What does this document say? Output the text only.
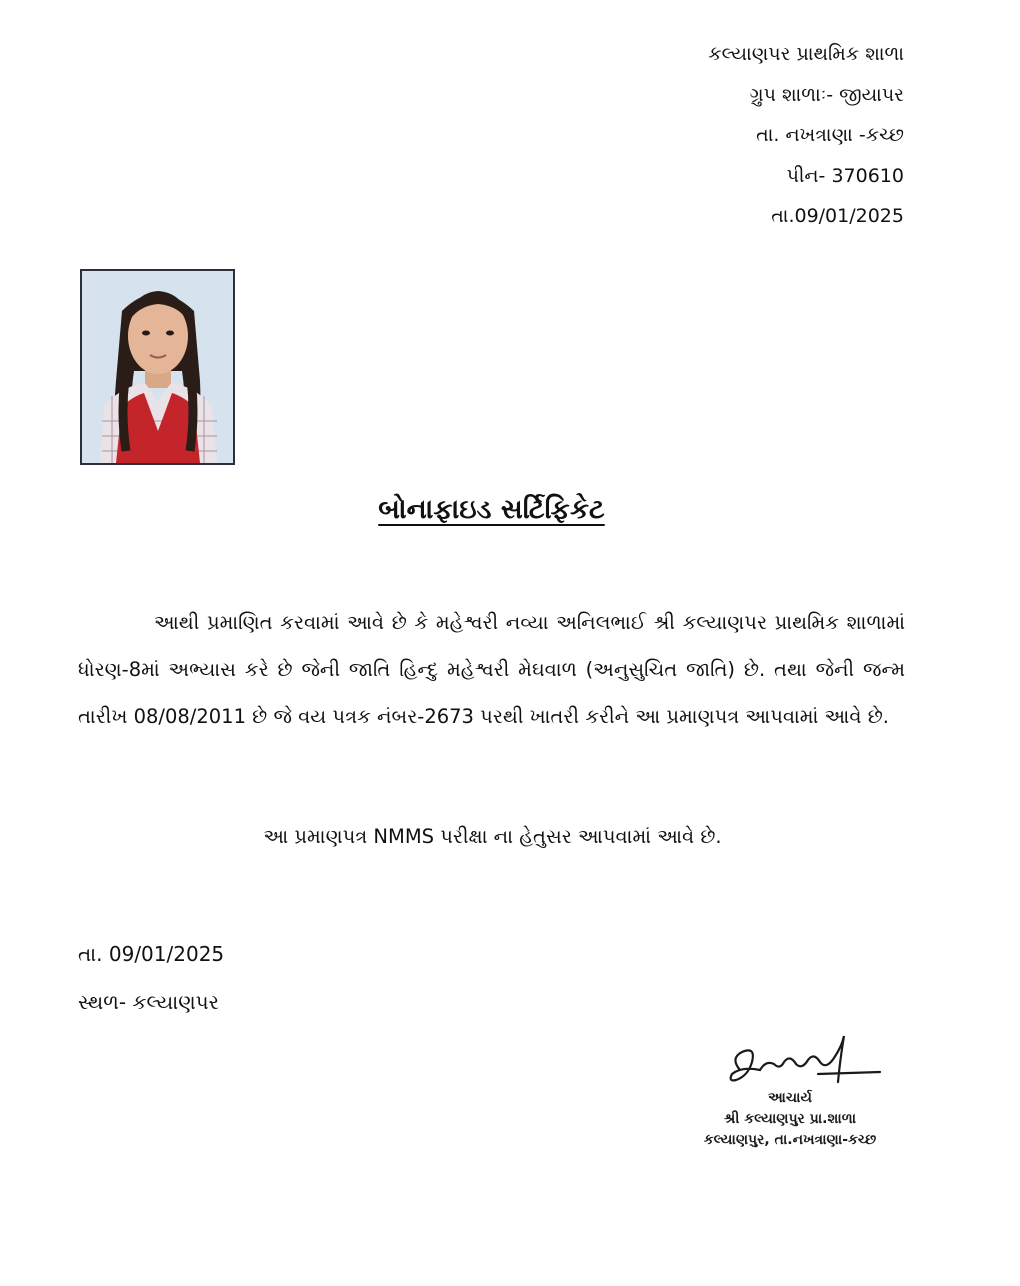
કલ્યાણપર પ્રાથમિક શાળા
ગ્રુપ શાળાઃ- જીયાપર
તા. નખત્રાણા -કચ્છ
પીન- 370610
તા.09/01/2025
બોનાફાઇડ સર્ટિફિકેટ
આથી પ્રમાણિત કરવામાં આવે છે કે મહેશ્વરી નવ્યા અનિલભાઈ શ્રી કલ્યાણપર પ્રાથમિક શાળામાં ધોરણ-8માં અભ્યાસ કરે છે જેની જાતિ હિન્દુ મહેશ્વરી મેઘવાળ (અનુસુચિત જાતિ) છે. તથા જેની જન્મ તારીખ 08/08/2011 છે જે વય પત્રક નંબર-2673 પરથી ખાતરી કરીને આ પ્રમાણપત્ર આપવામાં આવે છે.
આ પ્રમાણપત્ર NMMS પરીક્ષા ના હેતુસર આપવામાં આવે છે.
તા. 09/01/2025
સ્થળ- કલ્યાણપર
આચાર્ય
શ્રી કલ્યાણપુર પ્રા.શાળા
કલ્યાણપુર, તા.નખત્રાણા-કચ્છ
